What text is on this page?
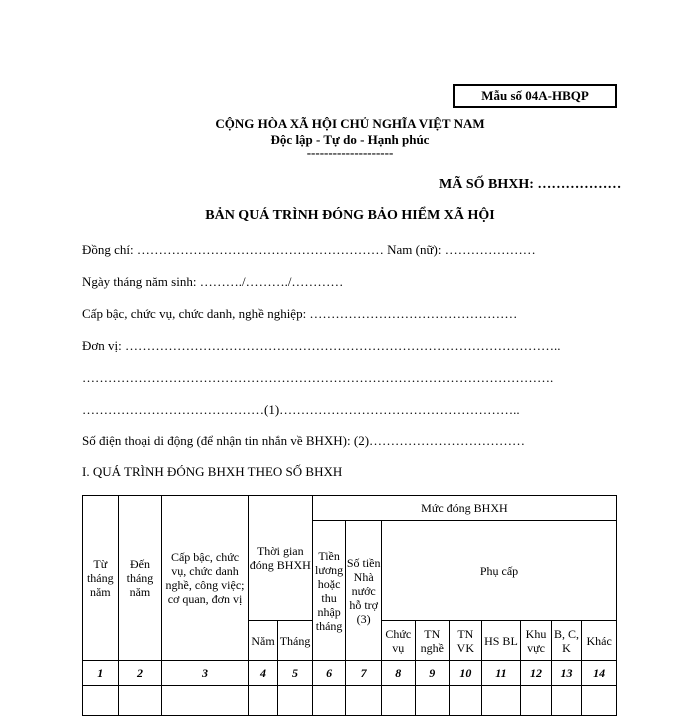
Mẫu số 04A-HBQP
CỘNG HÒA XÃ HỘI CHỦ NGHĨA VIỆT NAM
Độc lập - Tự do - Hạnh phúc
--------------------
MÃ SỐ BHXH: ………………
BẢN QUÁ TRÌNH ĐÓNG BẢO HIỂM XÃ HỘI
Đồng chí: ………………………………………………… Nam (nữ): …………………
Ngày tháng năm sinh: ………./………./…………
Cấp bậc, chức vụ, chức danh, nghề nghiệp: …………………………………………
Đơn vị: ………………………………………………………………………………………..
……………………………………………………………………………………………….
……………………………………(1)………………………………………………..
Số điện thoại di động (để nhận tin nhắn về BHXH): (2)………………………………
I. QUÁ TRÌNH ĐÓNG BHXH THEO SỐ BHXH
Từ tháng năm	Đến tháng năm	Cấp bậc, chức vụ, chức danh nghề, công việc; cơ quan, đơn vị	Thời gian đóng BHXH		Mức đóng BHXH								
					Tiền lương hoặc thu nhập tháng	Số tiền Nhà nước hỗ trợ (3)	Phụ cấp						
			Năm	Tháng			Chức vụ	TN nghề	TN VK	HS BL	Khu vực	B, C, K	Khác
1	2	3	4	5	6	7	8	9	10	11	12	13	14
